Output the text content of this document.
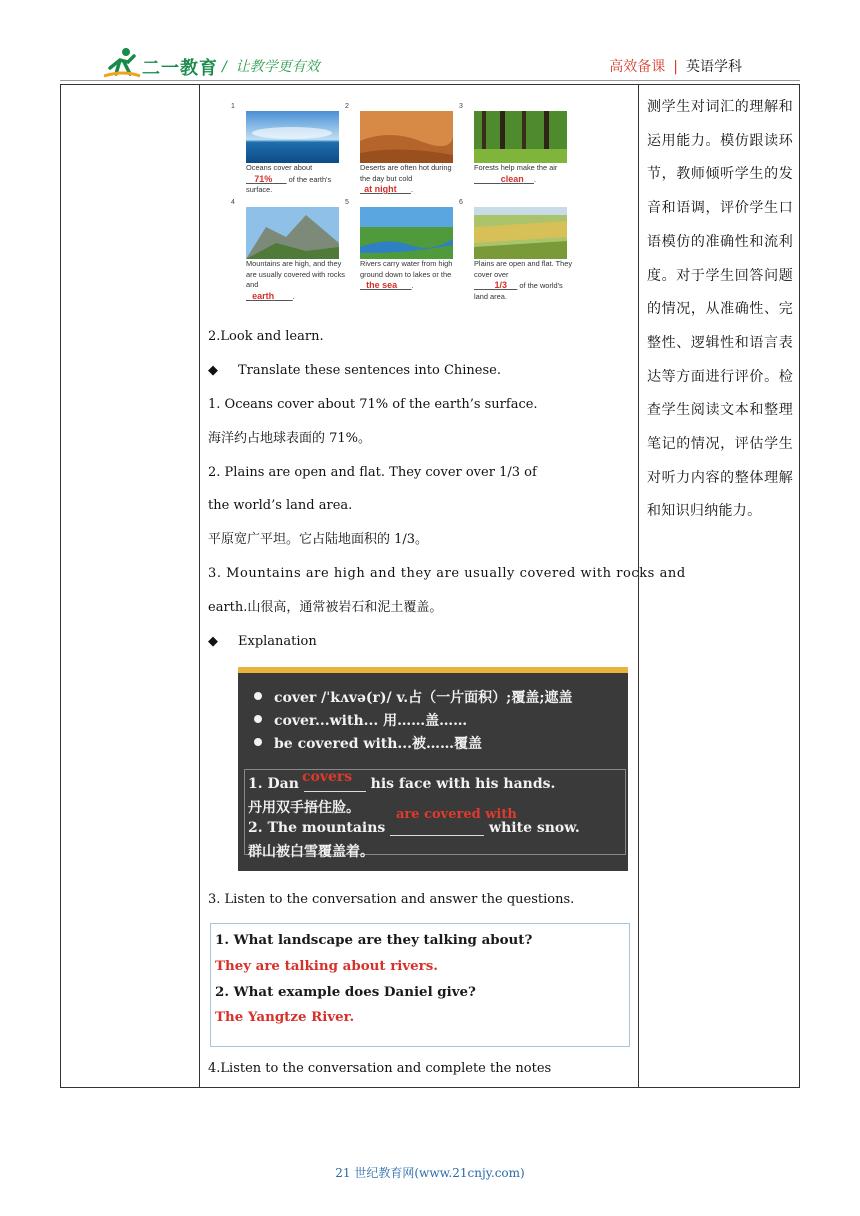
二一教育 /  让教学更有效	高效备课 | 英语学科

1
Oceans cover about
71% of the earth's surface.
2
Deserts are often hot during the day but cold
at night .
3
Forests help make the air
clean .
4
Mountains are high, and they are usually covered with rocks and
earth .
5
Rivers carry water from high ground down to lakes or the
the sea .
6
Plains are open and flat. They cover over
1/3 of the world's land area.
2.Look and learn.
◆ Translate these sentences into Chinese.
1. Oceans cover about 71% of the earth’s surface.
海洋约占地球表面的 71%。
2. Plains are open and flat. They cover over 1/3 of
the world’s land area.
平原宽广平坦。它占陆地面积的 1/3。
3. Mountains are high and they are usually covered with rocks and
earth.山很高，通常被岩石和泥土覆盖。
◆ Explanation
cover /ˈkʌvə(r)/ v.占（一片面积）;覆盖;遮盖
cover...with... 用……盖……
be covered with...被……覆盖
1. Dan	his face with his hands.
covers
丹用双手捂住脸。
2. The mountains	white snow.
are covered with
群山被白雪覆盖着。
3. Listen to the conversation and answer the questions.
1. What landscape are they talking about?
They are talking about rivers.
2. What example does Daniel give?
The Yangtze River.
4.Listen to the conversation and complete the notes

测学生对词汇的理解和运用能力。模仿跟读环节，教师倾听学生的发音和语调，评价学生口语模仿的准确性和流利度。对于学生回答问题的情况，从准确性、完整性、逻辑性和语言表达等方面进行评价。检查学生阅读文本和整理笔记的情况，评估学生对听力内容的整体理解和知识归纳能力。

21 世纪教育网(www.21cnjy.com)
